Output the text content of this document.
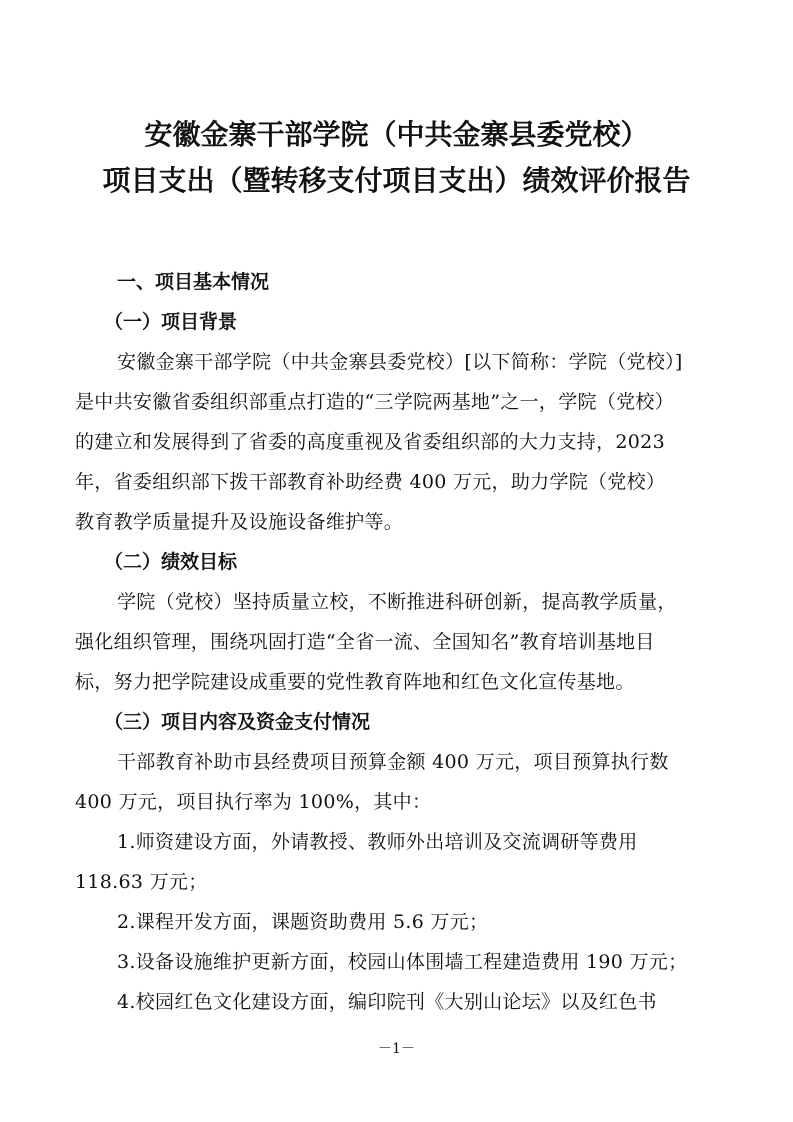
安徽金寨干部学院（中共金寨县委党校）
项目支出（暨转移支付项目支出）绩效评价报告
一、项目基本情况
（一）项目背景
安徽金寨干部学院（中共金寨县委党校）[以下简称：学院（党校）]
是中共安徽省委组织部重点打造的“三学院两基地”之一，学院（党校）
的建立和发展得到了省委的高度重视及省委组织部的大力支持，2023
年，省委组织部下拨干部教育补助经费 400 万元，助力学院（党校）
教育教学质量提升及设施设备维护等。
（二）绩效目标
学院（党校）坚持质量立校，不断推进科研创新，提高教学质量，
强化组织管理，围绕巩固打造“全省一流、全国知名”教育培训基地目
标，努力把学院建设成重要的党性教育阵地和红色文化宣传基地。
（三）项目内容及资金支付情况
干部教育补助市县经费项目预算金额 400 万元，项目预算执行数
400 万元，项目执行率为 100%，其中：
1.师资建设方面，外请教授、教师外出培训及交流调研等费用
118.63 万元；
2.课程开发方面，课题资助费用 5.6 万元；
3.设备设施维护更新方面，校园山体围墙工程建造费用 190 万元；
4.校园红色文化建设方面，编印院刊《大别山论坛》以及红色书
－1－
